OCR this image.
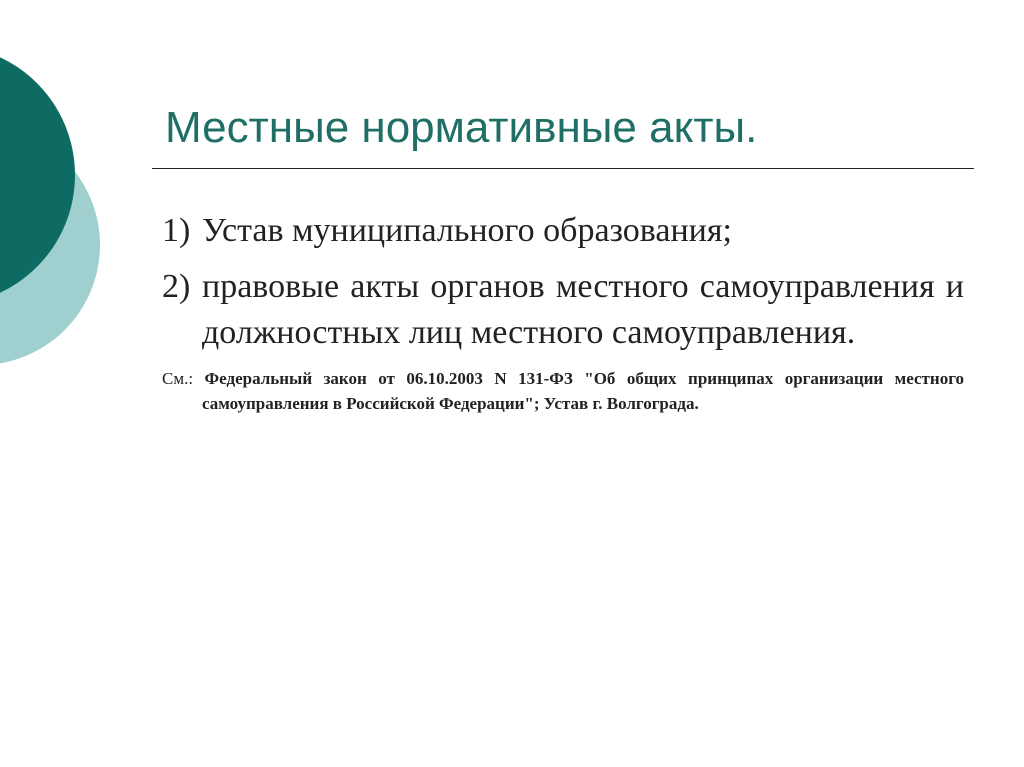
Местные нормативные акты.

1) Устав муниципального образования;

2) правовые акты органов местного самоуправления и должностных лиц местного самоуправления.

См.: Федеральный закон от 06.10.2003 N 131-ФЗ "Об общих принципах организации местного самоуправления в Российской Федерации"; Устав г. Волгограда.
